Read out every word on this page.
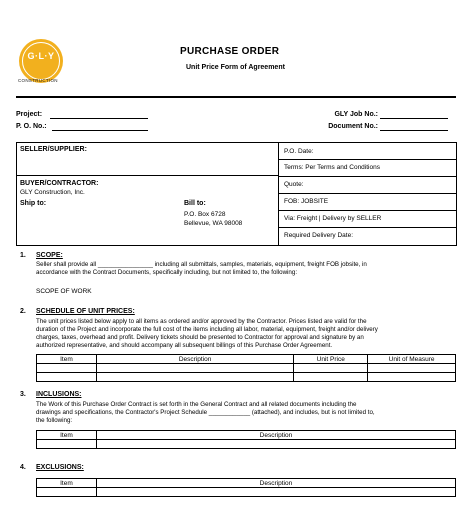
G·L·Y
CONSTRUCTION
PURCHASE ORDER
Unit Price Form of Agreement
Project:
P. O. No.:
GLY Job No.:
Document No.:
SELLER/SUPPLIER:
BUYER/CONTRACTOR:
GLY Construction, Inc.
Ship to:	Bill to:
P.O. Box 6728
Bellevue, WA 98008
P.O. Date:
Terms: Per Terms and Conditions
Quote:
FOB: JOBSITE
Via: Freight | Delivery by SELLER
Required Delivery Date:
1. SCOPE:
Seller shall provide all ________________ including all submittals, samples, materials, equipment, freight FOB jobsite, in
accordance with the Contract Documents, specifically including, but not limited to, the following:
SCOPE OF WORK
2. SCHEDULE OF UNIT PRICES:
The unit prices listed below apply to all items as ordered and/or approved by the Contractor. Prices listed are valid for the
duration of the Project and incorporate the full cost of the items including all labor, material, equipment, freight and/or delivery
charges, taxes, overhead and profit. Delivery tickets should be presented to Contractor for approval and signature by an
authorized representative, and should accompany all subsequent billings of this Purchase Order Agreement.
Item	Description	Unit Price	Unit of Measure

3. INCLUSIONS:
The Work of this Purchase Order Contract is set forth in the General Contract and all related documents including the
drawings and specifications, the Contractor's Project Schedule ____________ (attached), and includes, but is not limited to,
the following:
Item	Description

4. EXCLUSIONS:
Item	Description
